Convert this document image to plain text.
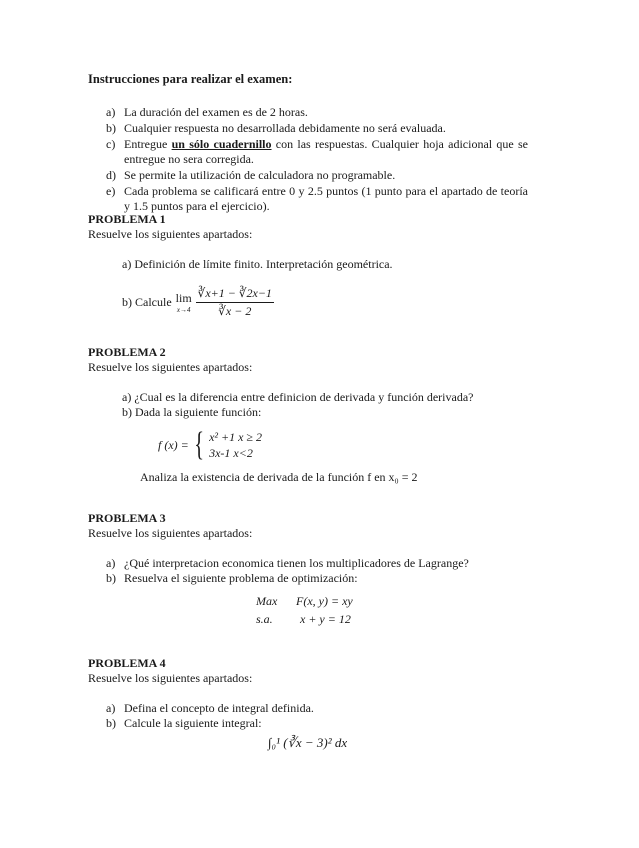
Instrucciones para realizar el examen:

a) La duración del examen es de 2 horas.
b) Cualquier respuesta no desarrollada debidamente no será evaluada.
c) Entregue un sólo cuadernillo con las respuestas. Cualquier hoja adicional que se entregue no sera corregida.
d) Se permite la utilización de calculadora no programable.
e) Cada problema se calificará entre 0 y 2.5 puntos (1 punto para el apartado de teoría y 1.5 puntos para el ejercicio).

PROBLEMA 1

Resuelve los siguientes apartados:

a) Definición de límite finito. Interpretación geométrica.

b) Calcule lim
$x\to 4 \frac{∛x+1 - ∛2x-1}{∛x - 2}$

PROBLEMA 2

Resuelve los siguientes apartados:

a) ¿Cual es la diferencia entre definicion de derivada y función derivada?

b) Dada la siguiente función:

f (x) = { x² +1 x ≥ 2
3x-1 x<2

Analiza la existencia de derivada de la función f en x₀ = 2

PROBLEMA 3

Resuelve los siguientes apartados:

a) ¿Qué interpretacion economica tienen los multiplicadores de Lagrange?
b) Resuelva el siguiente problema de optimización:
Max F(x, y) = xy
s.a. x + y = 12

PROBLEMA 4

Resuelve los siguientes apartados:

a) Defina el concepto de integral definida.
b) Calcule la siguiente integral:

∫₀¹ (∛x − 3)² dx
